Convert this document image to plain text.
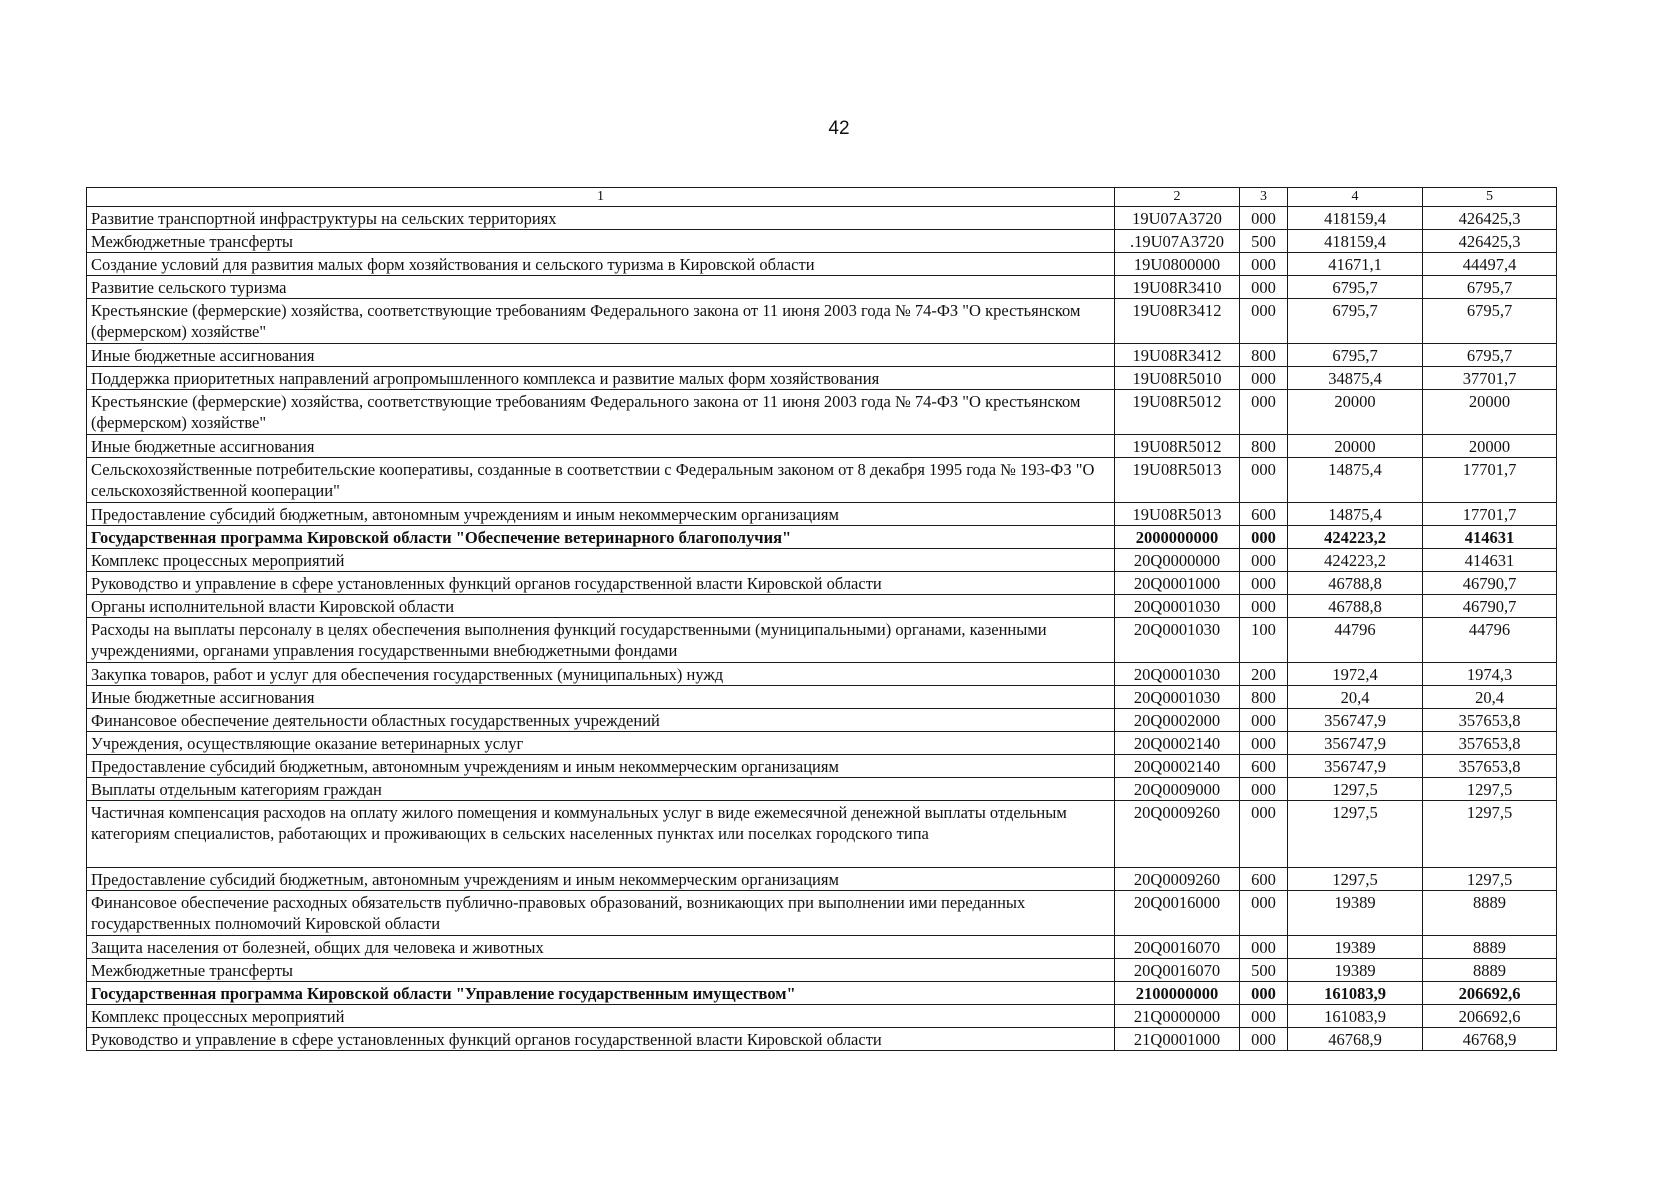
42
1	2	3	4	5
Развитие транспортной инфраструктуры на сельских территориях	19U07A3720	000	418159,4	426425,3
Межбюджетные трансферты	.19U07A3720	500	418159,4	426425,3
Создание условий для развития малых форм хозяйствования и сельского туризма в Кировской области	19U0800000	000	41671,1	44497,4
Развитие сельского туризма	19U08R3410	000	6795,7	6795,7
Крестьянские (фермерские) хозяйства, соответствующие требованиям Федерального закона от 11 июня 2003 года № 74-ФЗ "О крестьянском (фермерском) хозяйстве"	19U08R3412	000	6795,7	6795,7
Иные бюджетные ассигнования	19U08R3412	800	6795,7	6795,7
Поддержка приоритетных направлений агропромышленного комплекса и развитие малых форм хозяйствования	19U08R5010	000	34875,4	37701,7
Крестьянские (фермерские) хозяйства, соответствующие требованиям Федерального закона от 11 июня 2003 года № 74-ФЗ "О крестьянском (фермерском) хозяйстве"	19U08R5012	000	20000	20000
Иные бюджетные ассигнования	19U08R5012	800	20000	20000
Сельскохозяйственные потребительские кооперативы, созданные в соответствии с Федеральным законом от 8 декабря 1995 года № 193-ФЗ "О сельскохозяйственной кооперации"	19U08R5013	000	14875,4	17701,7
Предоставление субсидий бюджетным, автономным учреждениям и иным некоммерческим организациям	19U08R5013	600	14875,4	17701,7
Государственная программа Кировской области "Обеспечение ветеринарного благополучия"	2000000000	000	424223,2	414631
Комплекс процессных мероприятий	20Q0000000	000	424223,2	414631
Руководство и управление в сфере установленных функций органов государственной власти Кировской области	20Q0001000	000	46788,8	46790,7
Органы исполнительной власти Кировской области	20Q0001030	000	46788,8	46790,7
Расходы на выплаты персоналу в целях обеспечения выполнения функций государственными (муниципальными) органами, казенными учреждениями, органами управления государственными внебюджетными фондами	20Q0001030	100	44796	44796
Закупка товаров, работ и услуг для обеспечения государственных (муниципальных) нужд	20Q0001030	200	1972,4	1974,3
Иные бюджетные ассигнования	20Q0001030	800	20,4	20,4
Финансовое обеспечение деятельности областных государственных учреждений	20Q0002000	000	356747,9	357653,8
Учреждения, осуществляющие оказание ветеринарных услуг	20Q0002140	000	356747,9	357653,8
Предоставление субсидий бюджетным, автономным учреждениям и иным некоммерческим организациям	20Q0002140	600	356747,9	357653,8
Выплаты отдельным категориям граждан	20Q0009000	000	1297,5	1297,5
Частичная компенсация расходов на оплату жилого помещения и коммунальных услуг в виде ежемесячной денежной выплаты отдельным категориям специалистов, работающих и проживающих в сельских населенных пунктах или поселках городского типа	20Q0009260	000	1297,5	1297,5
Предоставление субсидий бюджетным, автономным учреждениям и иным некоммерческим организациям	20Q0009260	600	1297,5	1297,5
Финансовое обеспечение расходных обязательств публично-правовых образований, возникающих при выполнении ими переданных государственных полномочий Кировской области	20Q0016000	000	19389	8889
Защита населения от болезней, общих для человека и животных	20Q0016070	000	19389	8889
Межбюджетные трансферты	20Q0016070	500	19389	8889
Государственная программа Кировской области "Управление государственным имуществом"	2100000000	000	161083,9	206692,6
Комплекс процессных мероприятий	21Q0000000	000	161083,9	206692,6
Руководство и управление в сфере установленных функций органов государственной власти Кировской области	21Q0001000	000	46768,9	46768,9
